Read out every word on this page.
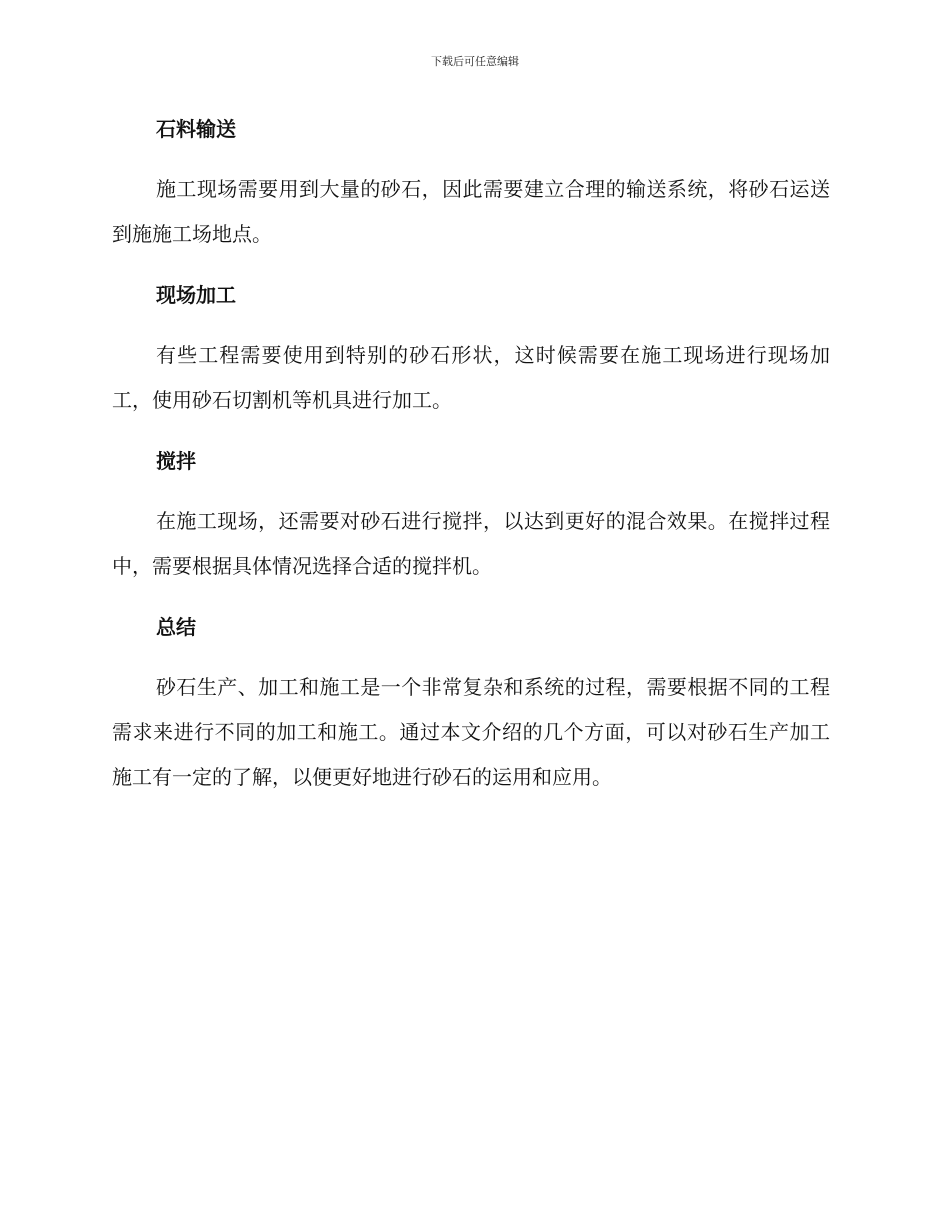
下载后可任意编辑
石料输送

施工现场需要用到大量的砂石，因此需要建立合理的输送系统，将砂石运送到施施工场地点。

现场加工

有些工程需要使用到特别的砂石形状，这时候需要在施工现场进行现场加工，使用砂石切割机等机具进行加工。

搅拌

在施工现场，还需要对砂石进行搅拌，以达到更好的混合效果。在搅拌过程中，需要根据具体情况选择合适的搅拌机。

总结

砂石生产、加工和施工是一个非常复杂和系统的过程，需要根据不同的工程需求来进行不同的加工和施工。通过本文介绍的几个方面，可以对砂石生产加工施工有一定的了解，以便更好地进行砂石的运用和应用。
